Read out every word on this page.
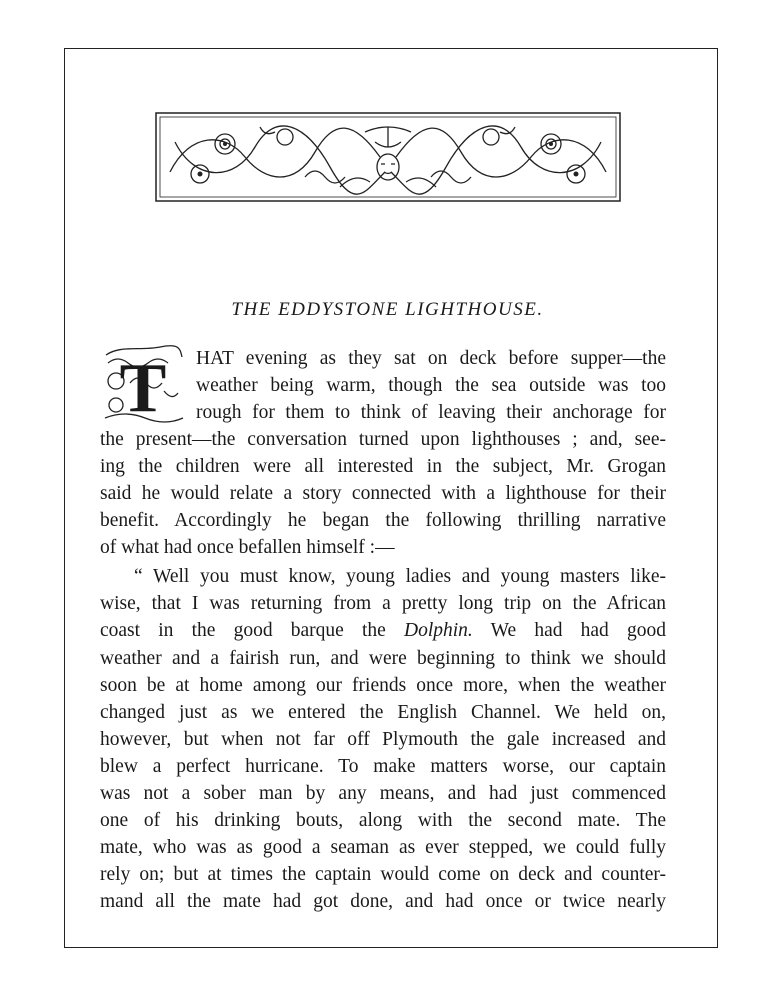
THE EDDYSTONE LIGHTHOUSE.
T HAT evening as they sat on deck before supper—the

weather being warm, though the sea outside was too

rough for them to think of leaving their anchorage for

the present—the conversation turned upon lighthouses ; and, see-

ing the children were all interested in the subject, Mr. Grogan

said he would relate a story connected with a lighthouse for their

benefit. Accordingly he began the following thrilling narrative

of what had once befallen himself :—

“ Well you must know, young ladies and young masters like-

wise, that I was returning from a pretty long trip on the African

coast in the good barque the Dolphin. We had had good

weather and a fairish run, and were beginning to think we should

soon be at home among our friends once more, when the weather

changed just as we entered the English Channel. We held on,

however, but when not far off Plymouth the gale increased and

blew a perfect hurricane. To make matters worse, our captain

was not a sober man by any means, and had just commenced

one of his drinking bouts, along with the second mate. The

mate, who was as good a seaman as ever stepped, we could fully

rely on; but at times the captain would come on deck and counter-

mand all the mate had got done, and had once or twice nearly
